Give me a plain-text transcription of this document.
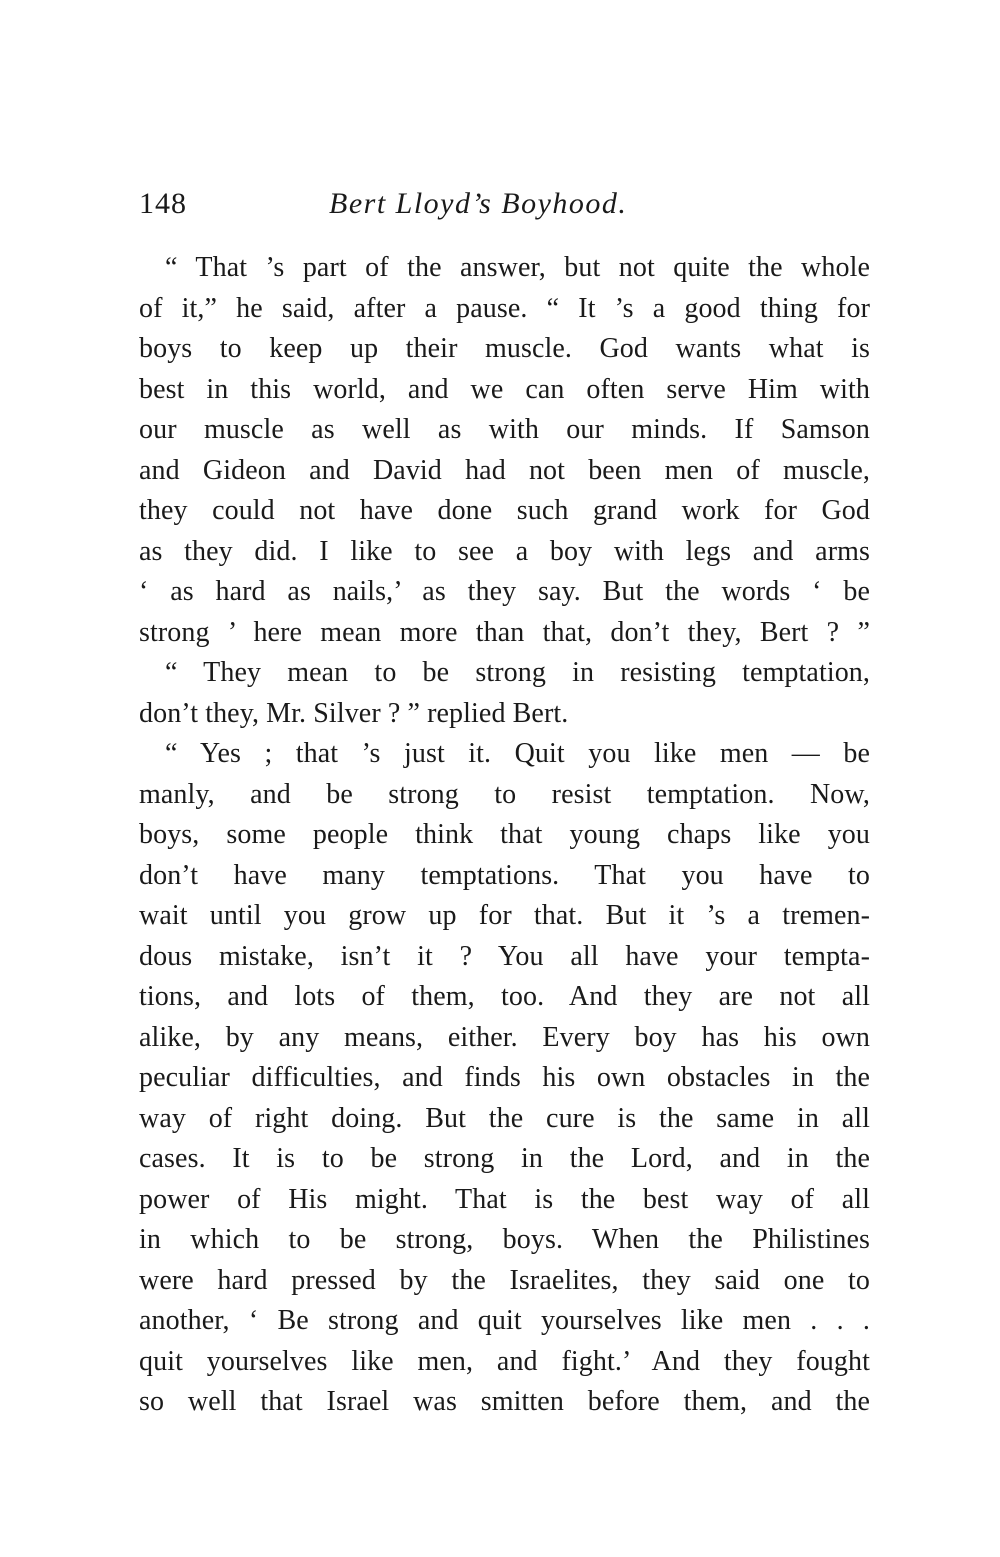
148	Bert Lloyd’s Boyhood.
“ That ’s part of the answer, but not quite the whole
of it,” he said, after a pause. “ It ’s a good thing for
boys to keep up their muscle. God wants what is
best in this world, and we can often serve Him with
our muscle as well as with our minds. If Samson
and Gideon and David had not been men of muscle,
they could not have done such grand work for God
as they did. I like to see a boy with legs and arms
‘ as hard as nails,’ as they say. But the words ‘ be
strong ’ here mean more than that, don’t they, Bert ? ”
“ They mean to be strong in resisting temptation,
don’t they, Mr. Silver ? ” replied Bert.
“ Yes ; that ’s just it. Quit you like men — be
manly, and be strong to resist temptation. Now,
boys, some people think that young chaps like you
don’t have many temptations. That you have to
wait until you grow up for that. But it ’s a tremen-
dous mistake, isn’t it ? You all have your tempta-
tions, and lots of them, too. And they are not all
alike, by any means, either. Every boy has his own
peculiar difficulties, and finds his own obstacles in the
way of right doing. But the cure is the same in all
cases. It is to be strong in the Lord, and in the
power of His might. That is the best way of all
in which to be strong, boys. When the Philistines
were hard pressed by the Israelites, they said one to
another, ‘ Be strong and quit yourselves like men . . .
quit yourselves like men, and fight.’ And they fought
so well that Israel was smitten before them, and the
